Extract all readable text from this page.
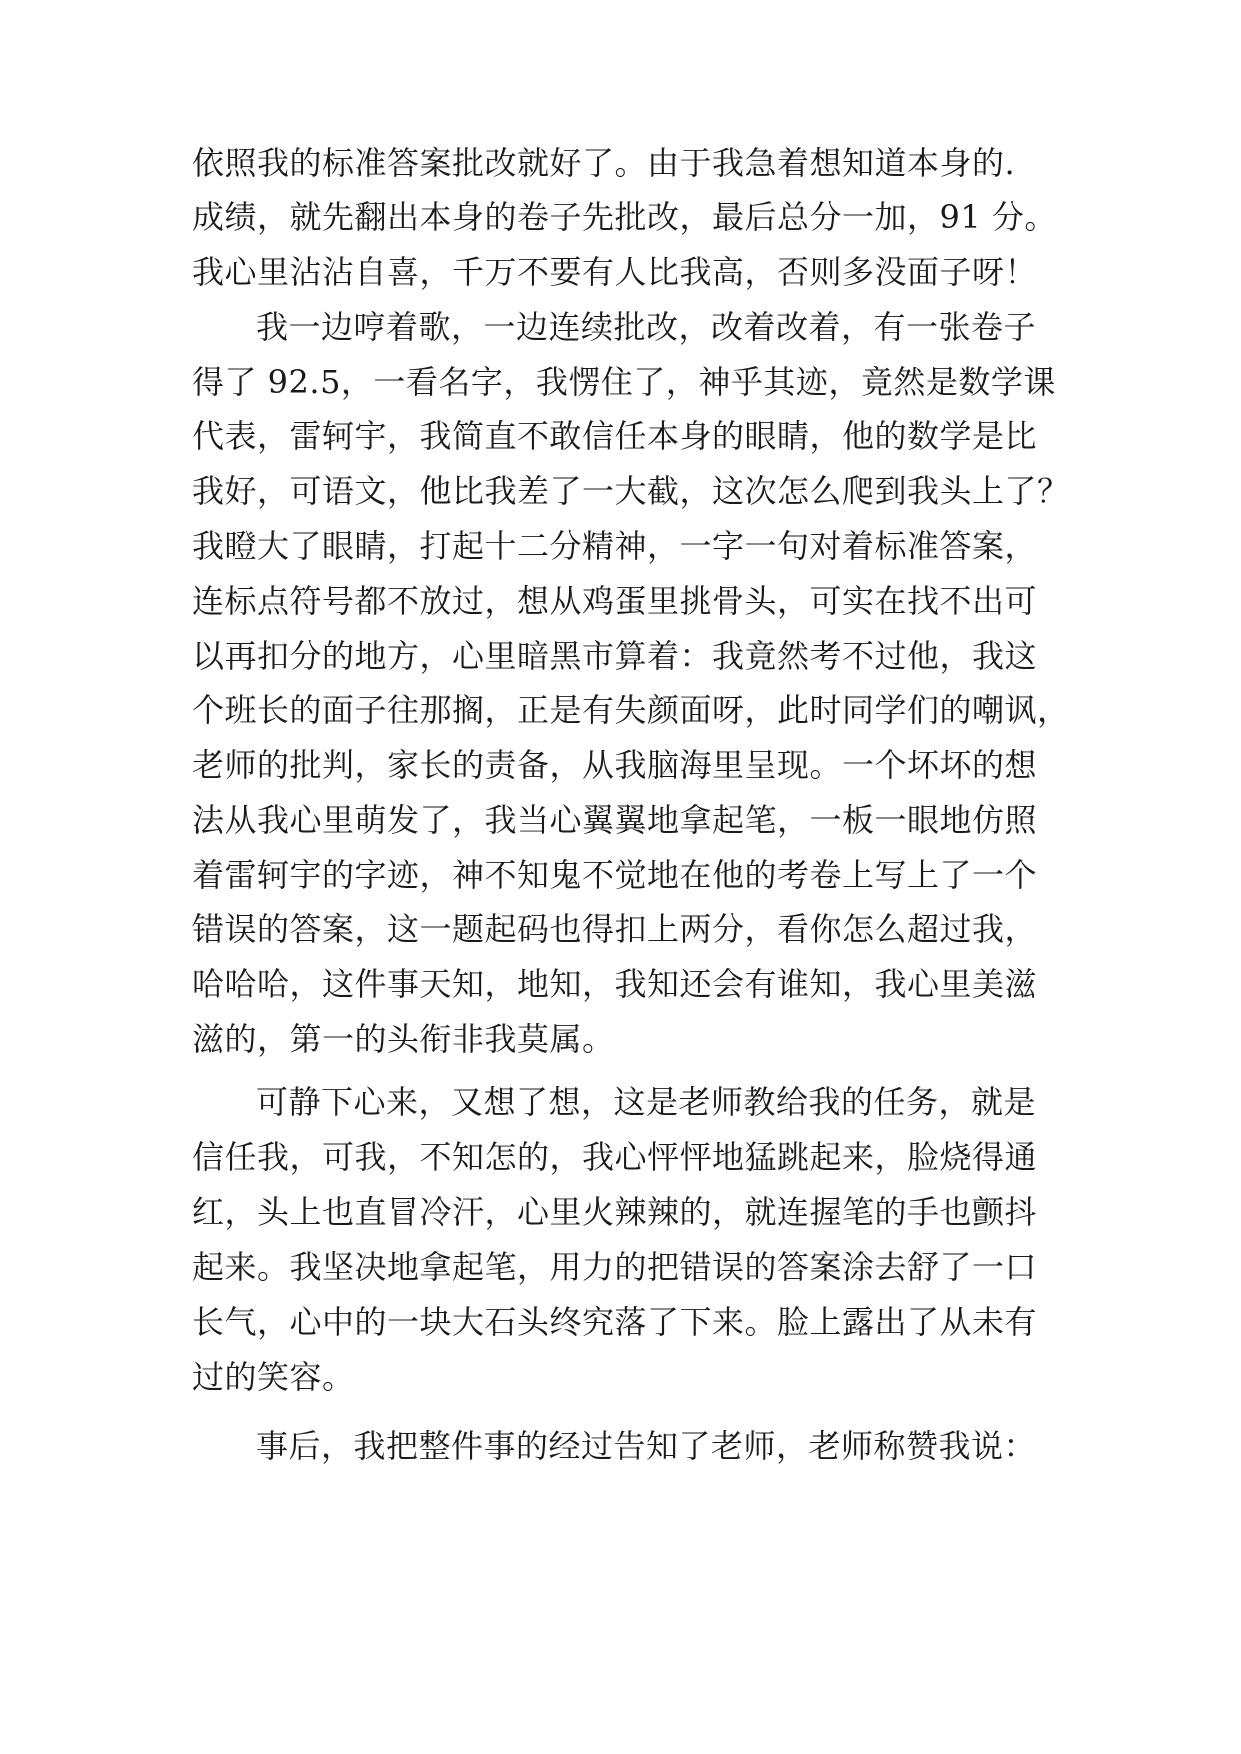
依照我的标准答案批改就好了。由于我急着想知道本身的.
成绩，就先翻出本身的卷子先批改，最后总分一加，91 分。
我心里沾沾自喜，千万不要有人比我高，否则多没面子呀！
我一边哼着歌，一边连续批改，改着改着，有一张卷子
得了 92.5，一看名字，我愣住了，神乎其迹，竟然是数学课
代表，雷轲宇，我简直不敢信任本身的眼睛，他的数学是比
我好，可语文，他比我差了一大截，这次怎么爬到我头上了？
我瞪大了眼睛，打起十二分精神，一字一句对着标准答案，
连标点符号都不放过，想从鸡蛋里挑骨头，可实在找不出可
以再扣分的地方，心里暗黑市算着：我竟然考不过他，我这
个班长的面子往那搁，正是有失颜面呀，此时同学们的嘲讽，
老师的批判，家长的责备，从我脑海里呈现。一个坏坏的想
法从我心里萌发了，我当心翼翼地拿起笔，一板一眼地仿照
着雷轲宇的字迹，神不知鬼不觉地在他的考卷上写上了一个
错误的答案，这一题起码也得扣上两分，看你怎么超过我，
哈哈哈，这件事天知，地知，我知还会有谁知，我心里美滋
滋的，第一的头衔非我莫属。
可静下心来，又想了想，这是老师教给我的任务，就是
信任我，可我，不知怎的，我心怦怦地猛跳起来，脸烧得通
红，头上也直冒冷汗，心里火辣辣的，就连握笔的手也颤抖
起来。我坚决地拿起笔，用力的把错误的答案涂去舒了一口
长气，心中的一块大石头终究落了下来。脸上露出了从未有
过的笑容。
事后，我把整件事的经过告知了老师，老师称赞我说：
